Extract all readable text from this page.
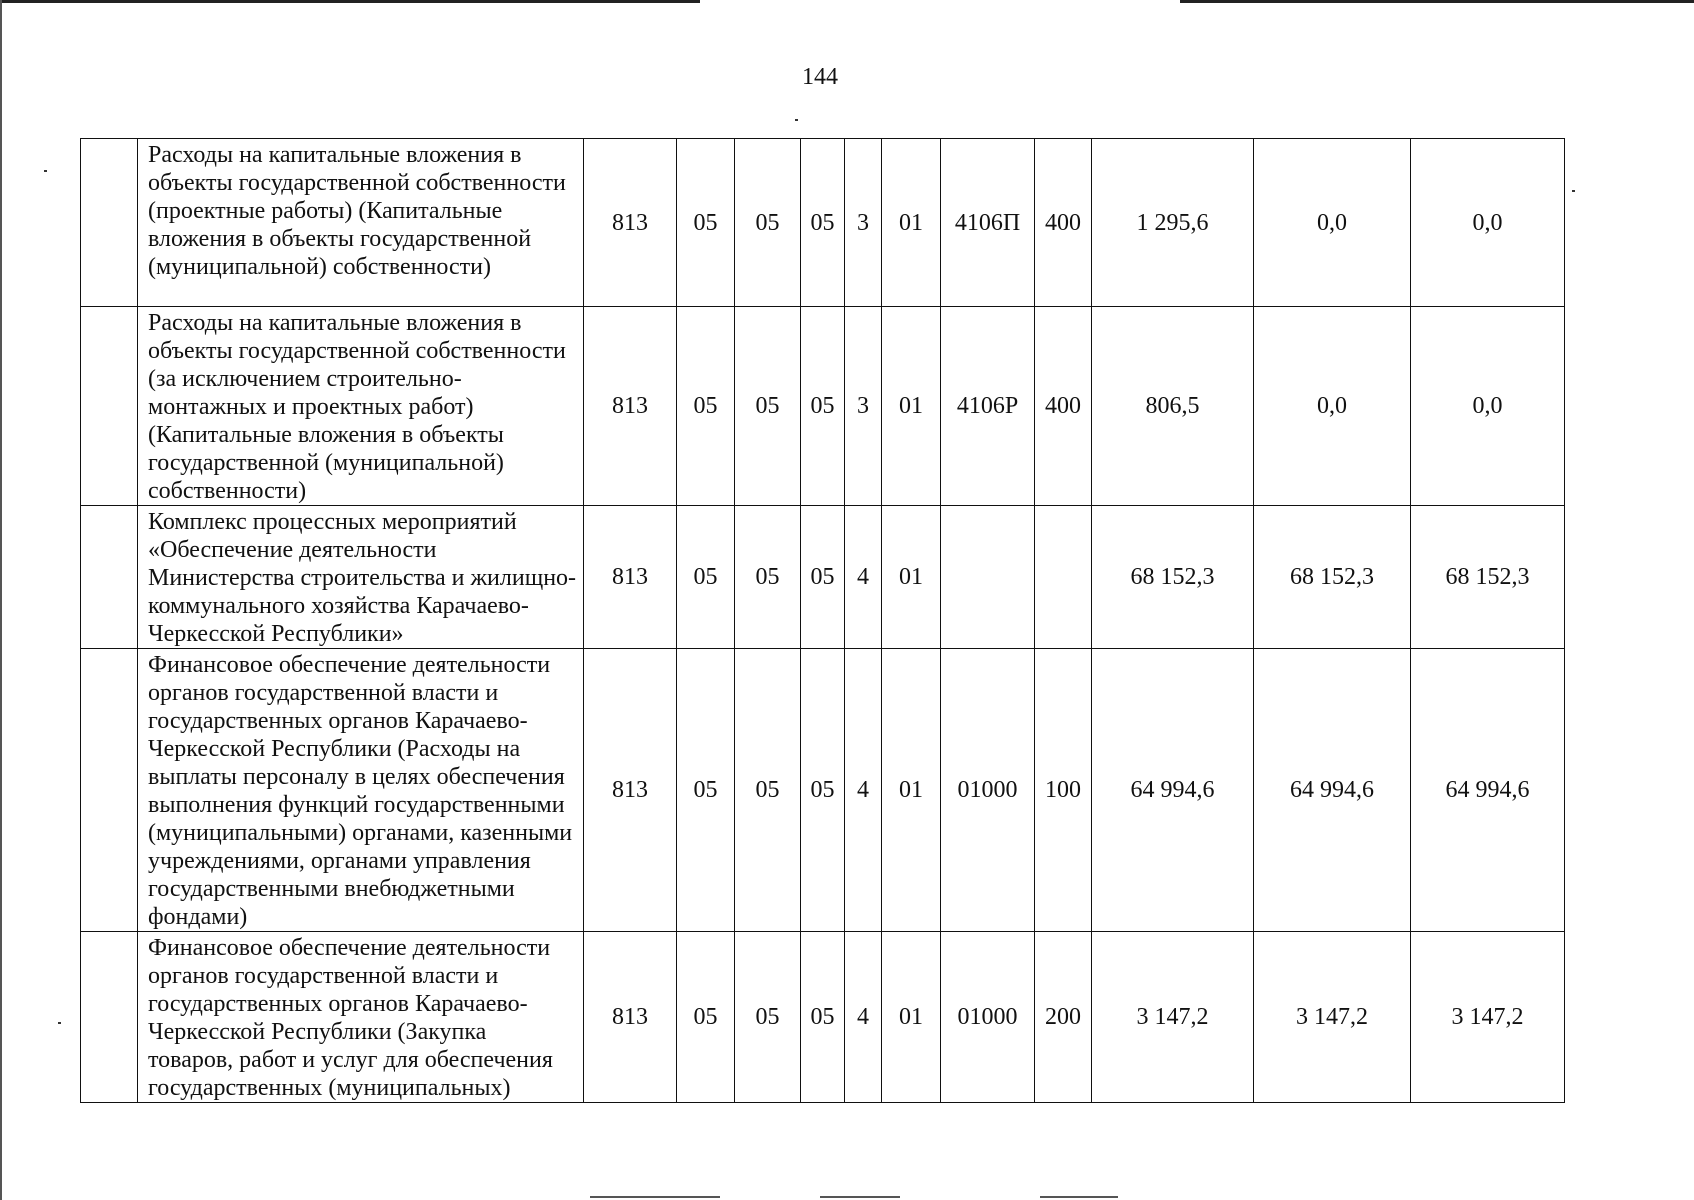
144
	Расходы на капитальные вложения в объекты государственной собственности (проектные работы) (Капитальные вложения в объекты государственной (муниципальной) собственности)	813	05	05	05	3	01	4106П	400	1 295,6	0,0	0,0
	Расходы на капитальные вложения в объекты государственной собственности (за исключением строительно-монтажных и проектных работ) (Капитальные вложения в объекты государственной (муниципальной) собственности)	813	05	05	05	3	01	4106Р	400	806,5	0,0	0,0
	Комплекс процессных мероприятий «Обеспечение деятельности Министерства строительства и жилищно-коммунального хозяйства Карачаево-Черкесской Республики»	813	05	05	05	4	01			68 152,3	68 152,3	68 152,3
	Финансовое обеспечение деятельности органов государственной власти и государственных органов Карачаево-Черкесской Республики (Расходы на выплаты персоналу в целях обеспечения выполнения функций государственными (муниципальными) органами, казенными учреждениями, органами управления государственными внебюджетными фондами)	813	05	05	05	4	01	01000	100	64 994,6	64 994,6	64 994,6
	Финансовое обеспечение деятельности органов государственной власти и государственных органов Карачаево-Черкесской Республики (Закупка товаров, работ и услуг для обеспечения государственных (муниципальных)	813	05	05	05	4	01	01000	200	3 147,2	3 147,2	3 147,2
